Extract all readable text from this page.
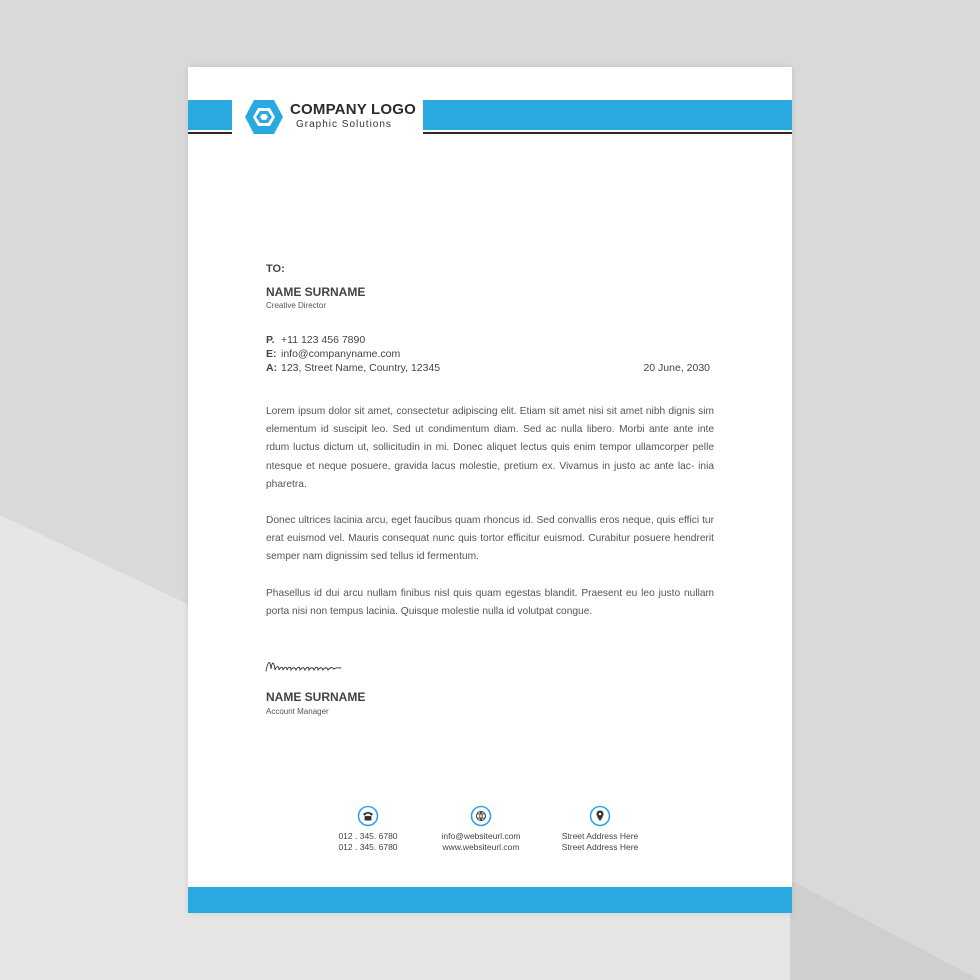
COMPANY LOGO
Graphic Solutions
TO:
NAME SURNAME
Creative Director
P. +11 123 456 7890
E: info@companyname.com
A: 123, Street Name, Country, 12345	20 June, 2030

Lorem ipsum dolor sit amet, consectetur adipiscing elit. Etiam sit amet nisi sit amet nibh dignis sim elementum id suscipit leo. Sed ut condimentum diam. Sed ac nulla libero. Morbi ante ante inte rdum luctus dictum ut, sollicitudin in mi. Donec aliquet lectus quis enim tempor ullamcorper pelle ntesque et neque posuere, gravida lacus molestie, pretium ex. Vivamus in justo ac ante lac- inia pharetra.

Donec ultrices lacinia arcu, eget faucibus quam rhoncus id. Sed convallis eros neque, quis effici tur erat euismod vel. Mauris consequat nunc quis tortor efficitur euismod. Curabitur posuere hendrerit semper nam dignissim sed tellus id fermentum.

Phasellus id dui arcu nullam finibus nisl quis quam egestas blandit. Praesent eu leo justo nullam porta nisi non tempus lacinia. Quisque molestie nulla id volutpat congue.

NAME SURNAME
Account Manager
012 . 345. 6780
012 . 345. 6780
info@websiteurl.com
www.websiteurl.com
Street Address Here
Street Address Here
